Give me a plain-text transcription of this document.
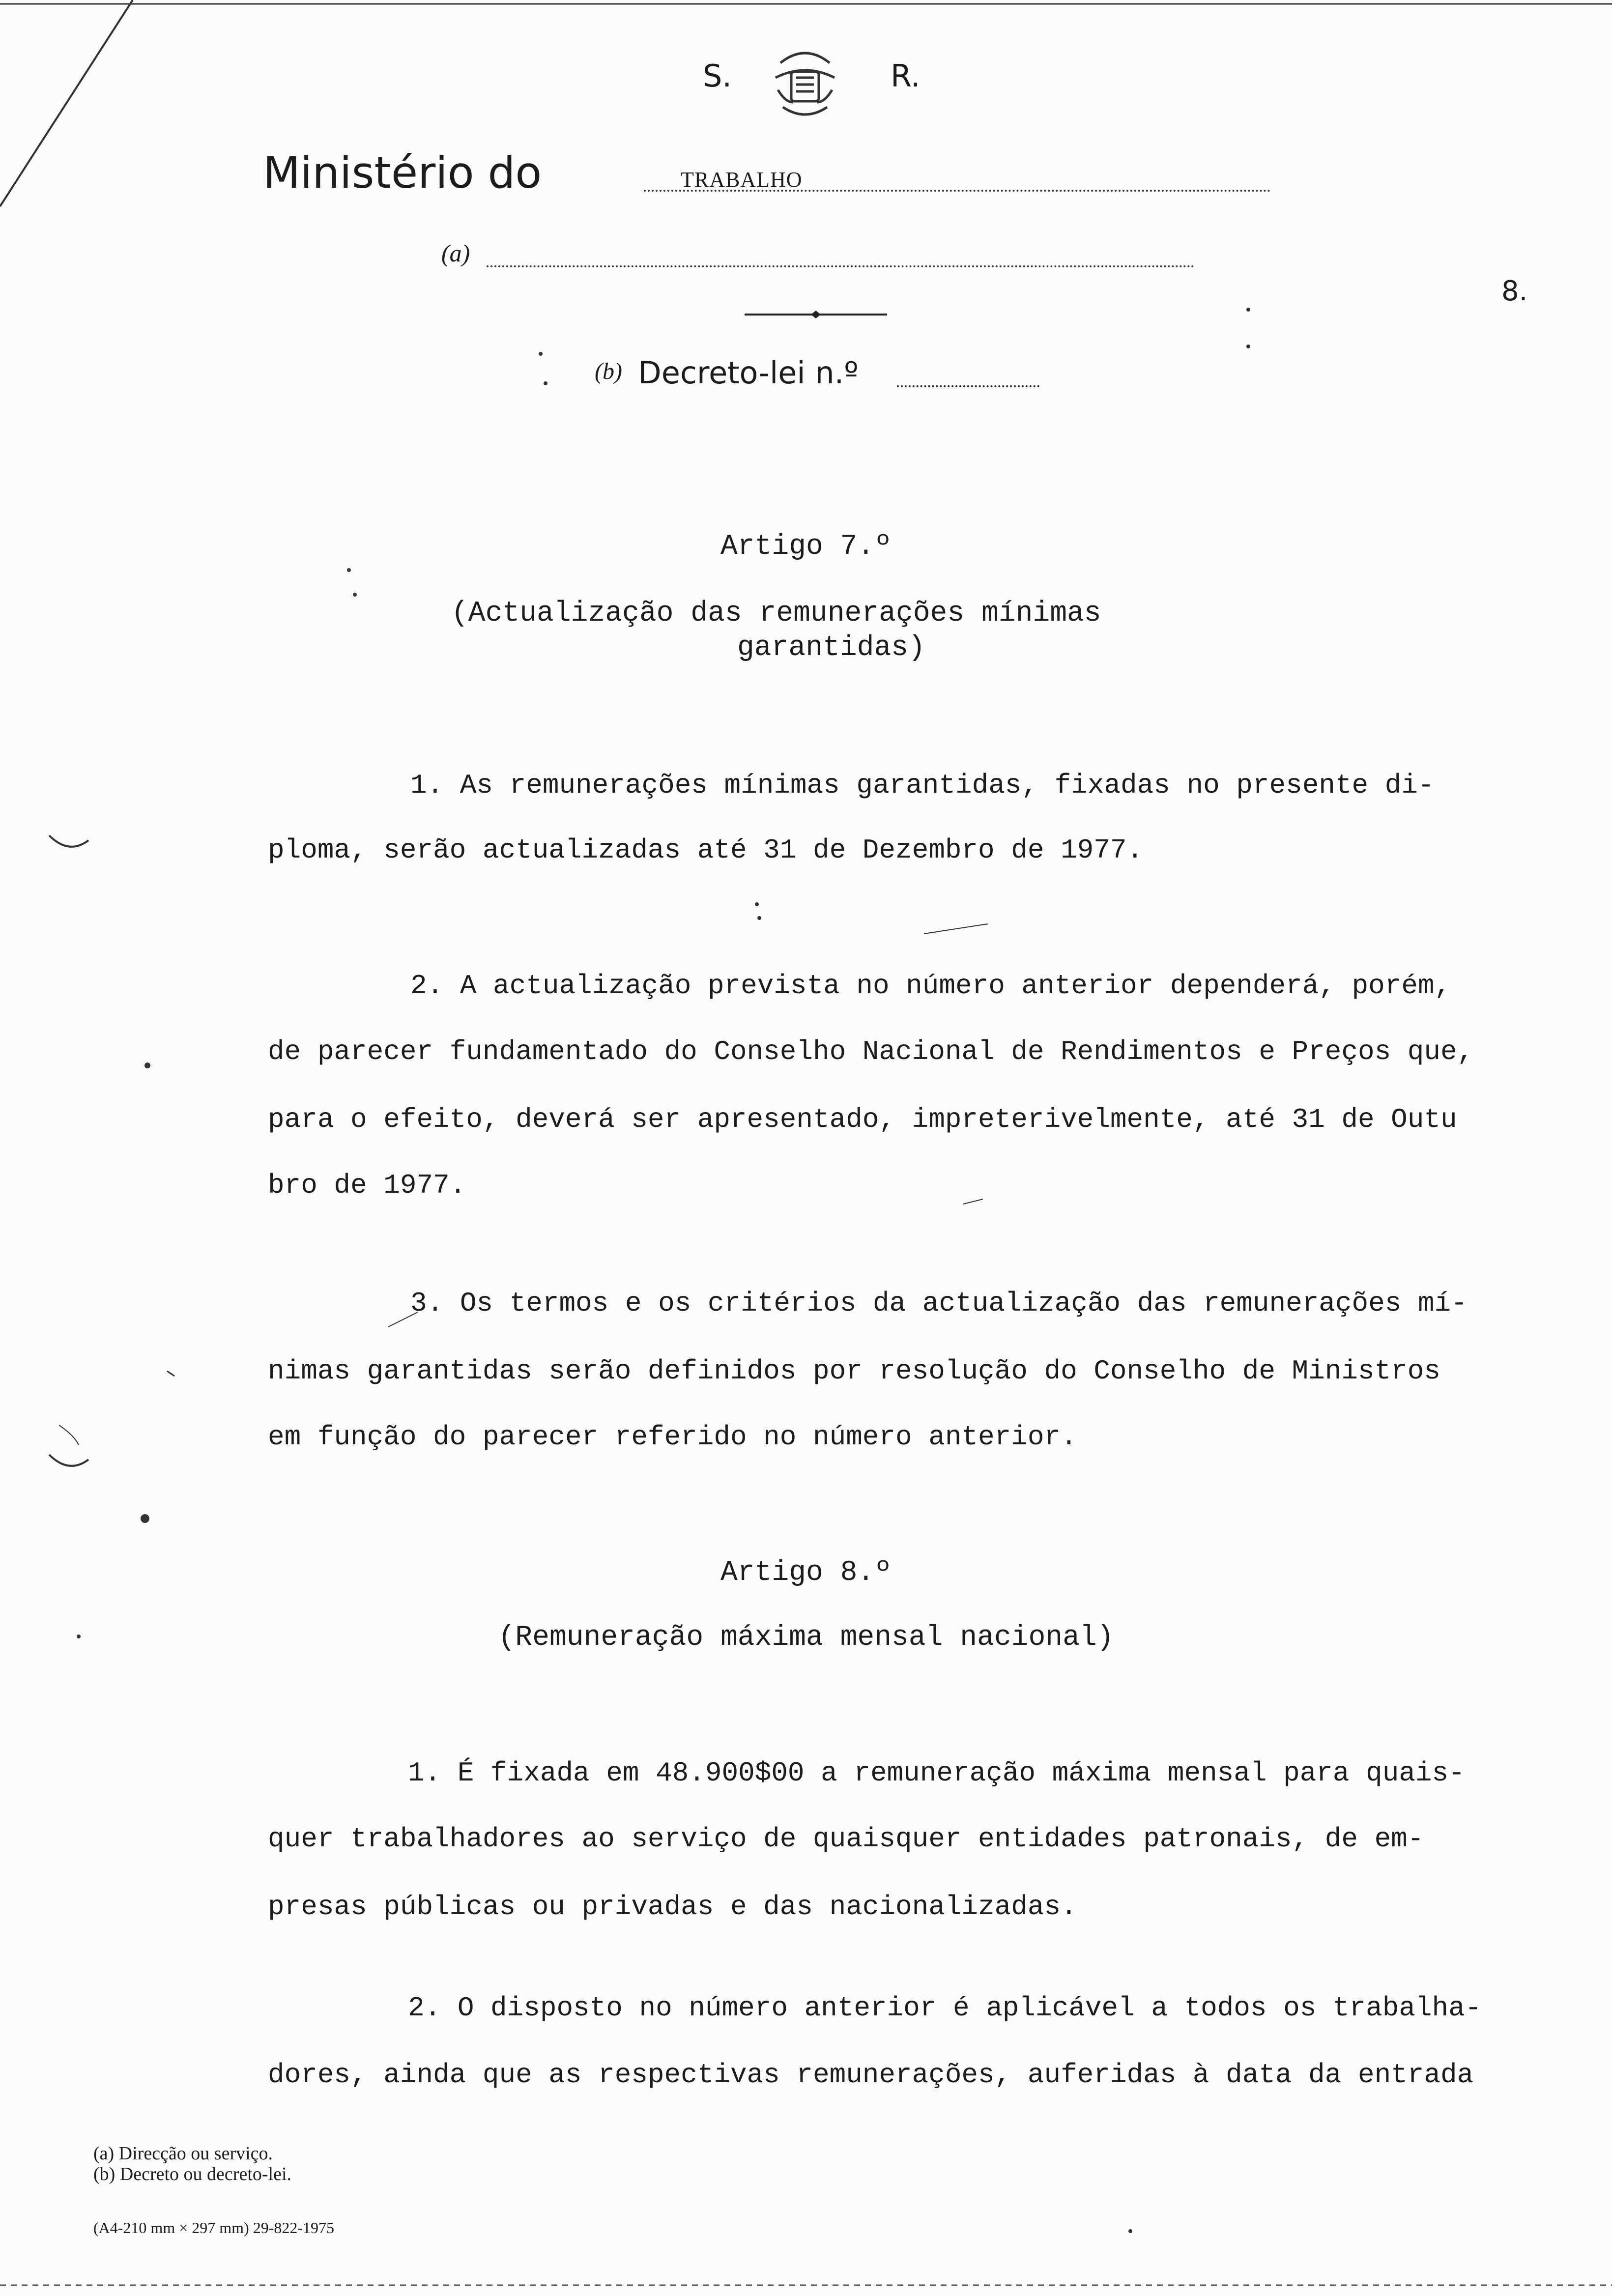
S.	R.
Ministério do	TRABALHO
(a)
8.
(b) Decreto-lei n.º
Artigo 7.º
(Actualização das remunerações mínimas
garantidas)
1. As remunerações mínimas garantidas, fixadas no presente di-
ploma, serão actualizadas até 31 de Dezembro de 1977.
2. A actualização prevista no número anterior dependerá, porém,
de parecer fundamentado do Conselho Nacional de Rendimentos e Preços que,
para o efeito, deverá ser apresentado, impreterivelmente, até 31 de Outu
bro de 1977.
3. Os termos e os critérios da actualização das remunerações mí-
nimas garantidas serão definidos por resolução do Conselho de Ministros
em função do parecer referido no número anterior.
Artigo 8.º
(Remuneração máxima mensal nacional)
1. É fixada em 48.900$00 a remuneração máxima mensal para quais-
quer trabalhadores ao serviço de quaisquer entidades patronais, de em-
presas públicas ou privadas e das nacionalizadas.
2. O disposto no número anterior é aplicável a todos os trabalha-
dores, ainda que as respectivas remunerações, auferidas à data da entrada
(a) Direcção ou serviço.
(b) Decreto ou decreto-lei.
(A4-210 mm × 297 mm) 29-822-1975
